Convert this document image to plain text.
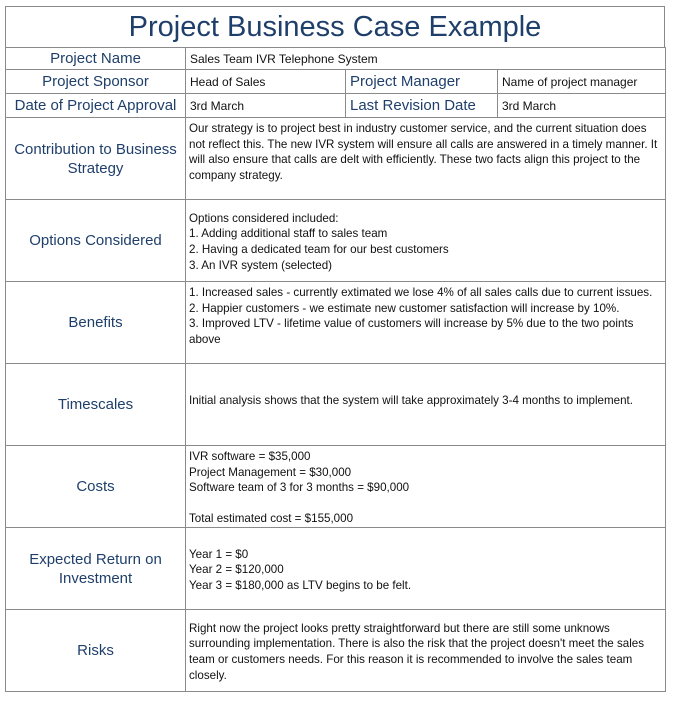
Project Business Case Example
Project Name	Sales Team IVR Telephone System		
Project Sponsor	Head of Sales	Project Manager	Name of project manager
Date of Project Approval	3rd March	Last Revision Date	3rd March
Contribution to Business Strategy	Our strategy is to project best in industry customer service, and the current situation does not reflect this. The new IVR system will ensure all calls are answered in a timely manner. It will also ensure that calls are delt with efficiently. These two facts align this project to the company strategy.		
Options Considered	Options considered included:
1. Adding additional staff to sales team
2. Having a dedicated team for our best customers
3. An IVR system (selected)		
Benefits	1. Increased sales - currently extimated we lose 4% of all sales calls due to current issues.
2. Happier customers - we estimate new customer satisfaction will increase by 10%.
3. Improved LTV - lifetime value of customers will increase by 5% due to the two points above		
Timescales	Initial analysis shows that the system will take approximately 3-4 months to implement.		
Costs	IVR software = $35,000
Project Management = $30,000
Software team of 3 for 3 months = $90,000

Total estimated cost = $155,000		
Expected Return on Investment	Year 1 = $0
Year 2 = $120,000
Year 3 = $180,000 as LTV begins to be felt.		
Risks	Right now the project looks pretty straightforward but there are still some unknows surrounding implementation. There is also the risk that the project doesn't meet the sales team or customers needs. For this reason it is recommended to involve the sales team closely.		
